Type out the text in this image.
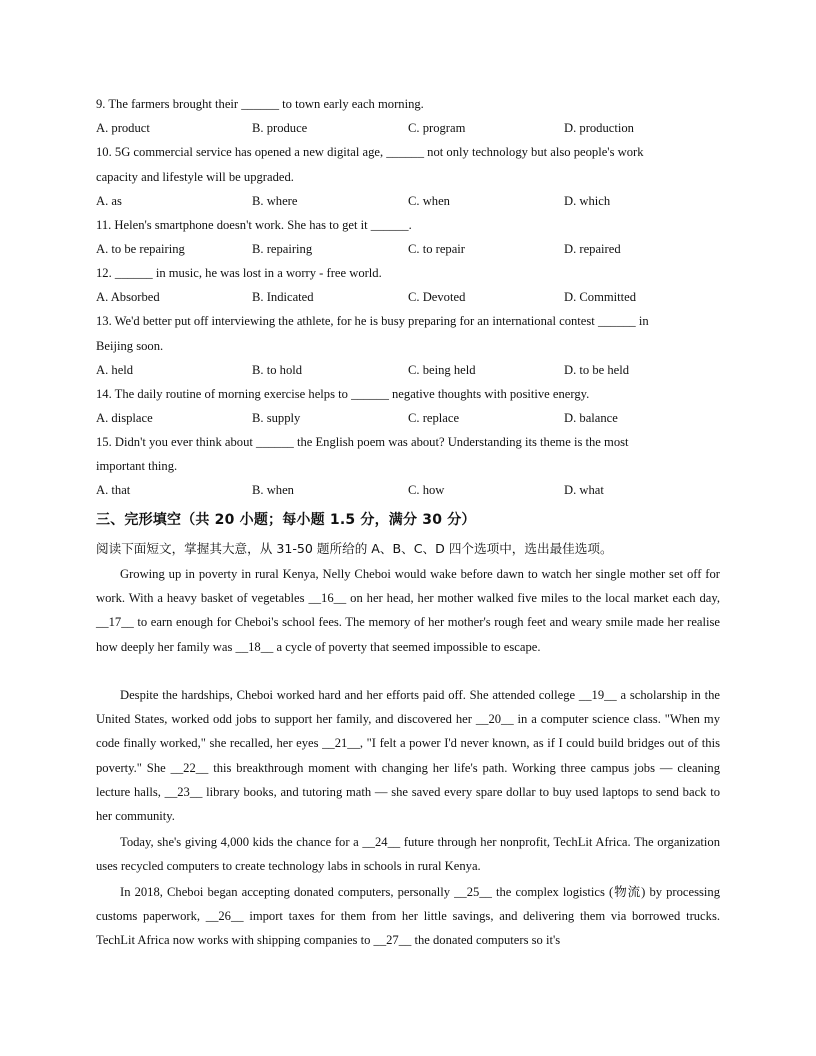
9. The farmers brought their ______ to town early each morning.
A. product	B. produce	C. program	D. production
10. 5G commercial service has opened a new digital age, ______ not only technology but also people's work
capacity and lifestyle will be upgraded.
A. as	B. where	C. when	D. which
11. Helen's smartphone doesn't work. She has to get it ______.
A. to be repairing	B. repairing	C. to repair	D. repaired
12. ______ in music, he was lost in a worry - free world.
A. Absorbed	B. Indicated	C. Devoted	D. Committed
13. We'd better put off interviewing the athlete, for he is busy preparing for an international contest ______ in
Beijing soon.
A. held	B. to hold	C. being held	D. to be held
14. The daily routine of morning exercise helps to ______ negative thoughts with positive energy.
A. displace	B. supply	C. replace	D. balance
15. Didn't you ever think about ______ the English poem was about? Understanding its theme is the most
important thing.
A. that	B. when	C. how	D. what
三、完形填空（共 20 小题；每小题 1.5 分，满分 30 分）
阅读下面短文，掌握其大意，从 31-50 题所给的 A、B、C、D 四个选项中，选出最佳选项。
Growing up in poverty in rural Kenya, Nelly Cheboi would wake before dawn to watch her single mother set off for work. With a heavy basket of vegetables __16__ on her head, her mother walked five miles to the local market each day, __17__ to earn enough for Cheboi's school fees. The memory of her mother's rough feet and weary smile made her realise how deeply her family was __18__ a cycle of poverty that seemed impossible to escape.
Despite the hardships, Cheboi worked hard and her efforts paid off. She attended college __19__ a scholarship in the United States, worked odd jobs to support her family, and discovered her __20__ in a computer science class. "When my code finally worked," she recalled, her eyes __21__, "I felt a power I'd never known, as if I could build bridges out of this poverty." She __22__ this breakthrough moment with changing her life's path. Working three campus jobs — cleaning lecture halls, __23__ library books, and tutoring math — she saved every spare dollar to buy used laptops to send back to her community.
Today, she's giving 4,000 kids the chance for a __24__ future through her nonprofit, TechLit Africa. The organization uses recycled computers to create technology labs in schools in rural Kenya.
In 2018, Cheboi began accepting donated computers, personally __25__ the complex logistics (物流) by processing customs paperwork, __26__ import taxes for them from her little savings, and delivering them via borrowed trucks. TechLit Africa now works with shipping companies to __27__ the donated computers so it's
